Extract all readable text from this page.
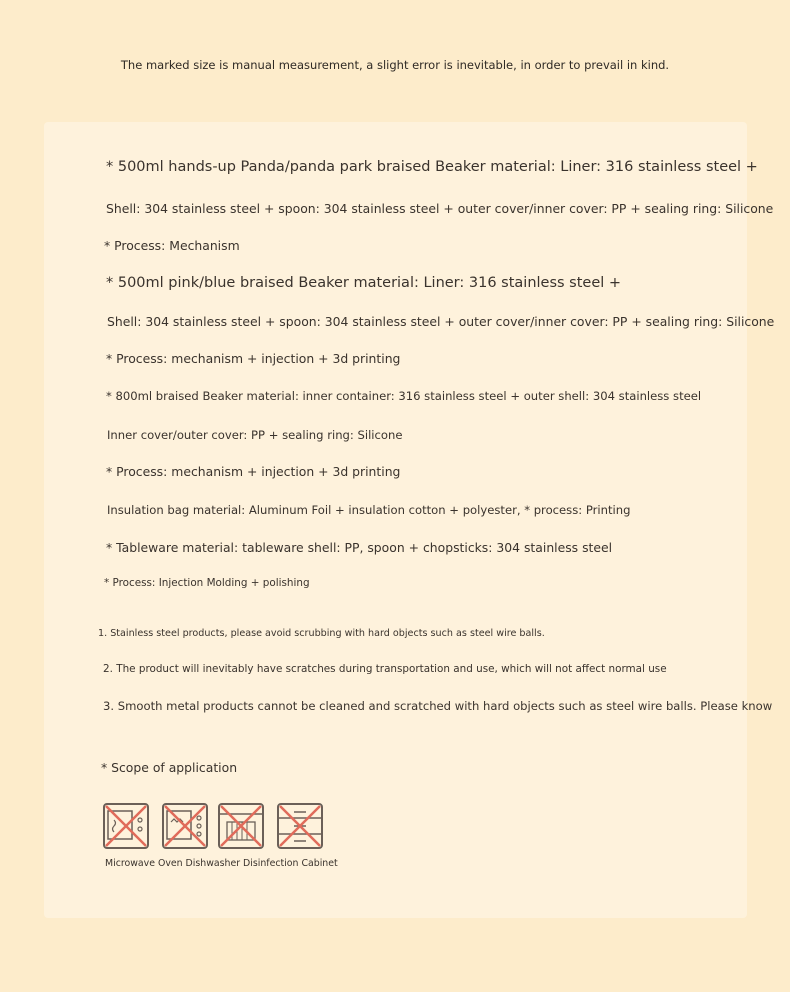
The marked size is manual measurement, a slight error is inevitable, in order to prevail in kind.
* 500ml hands-up Panda/panda park braised Beaker material: Liner: 316 stainless steel +
Shell: 304 stainless steel + spoon: 304 stainless steel + outer cover/inner cover: PP + sealing ring: Silicone
* Process: Mechanism
* 500ml pink/blue braised Beaker material: Liner: 316 stainless steel +
Shell: 304 stainless steel + spoon: 304 stainless steel + outer cover/inner cover: PP + sealing ring: Silicone
* Process: mechanism + injection + 3d printing
* 800ml braised Beaker material: inner container: 316 stainless steel + outer shell: 304 stainless steel
Inner cover/outer cover: PP + sealing ring: Silicone
* Process: mechanism + injection + 3d printing
Insulation bag material: Aluminum Foil + insulation cotton + polyester, * process: Printing
* Tableware material: tableware shell: PP, spoon + chopsticks: 304 stainless steel
* Process: Injection Molding + polishing
1. Stainless steel products, please avoid scrubbing with hard objects such as steel wire balls.
2. The product will inevitably have scratches during transportation and use, which will not affect normal use
3. Smooth metal products cannot be cleaned and scratched with hard objects such as steel wire balls. Please know
* Scope of application
Microwave Oven Dishwasher Disinfection Cabinet
